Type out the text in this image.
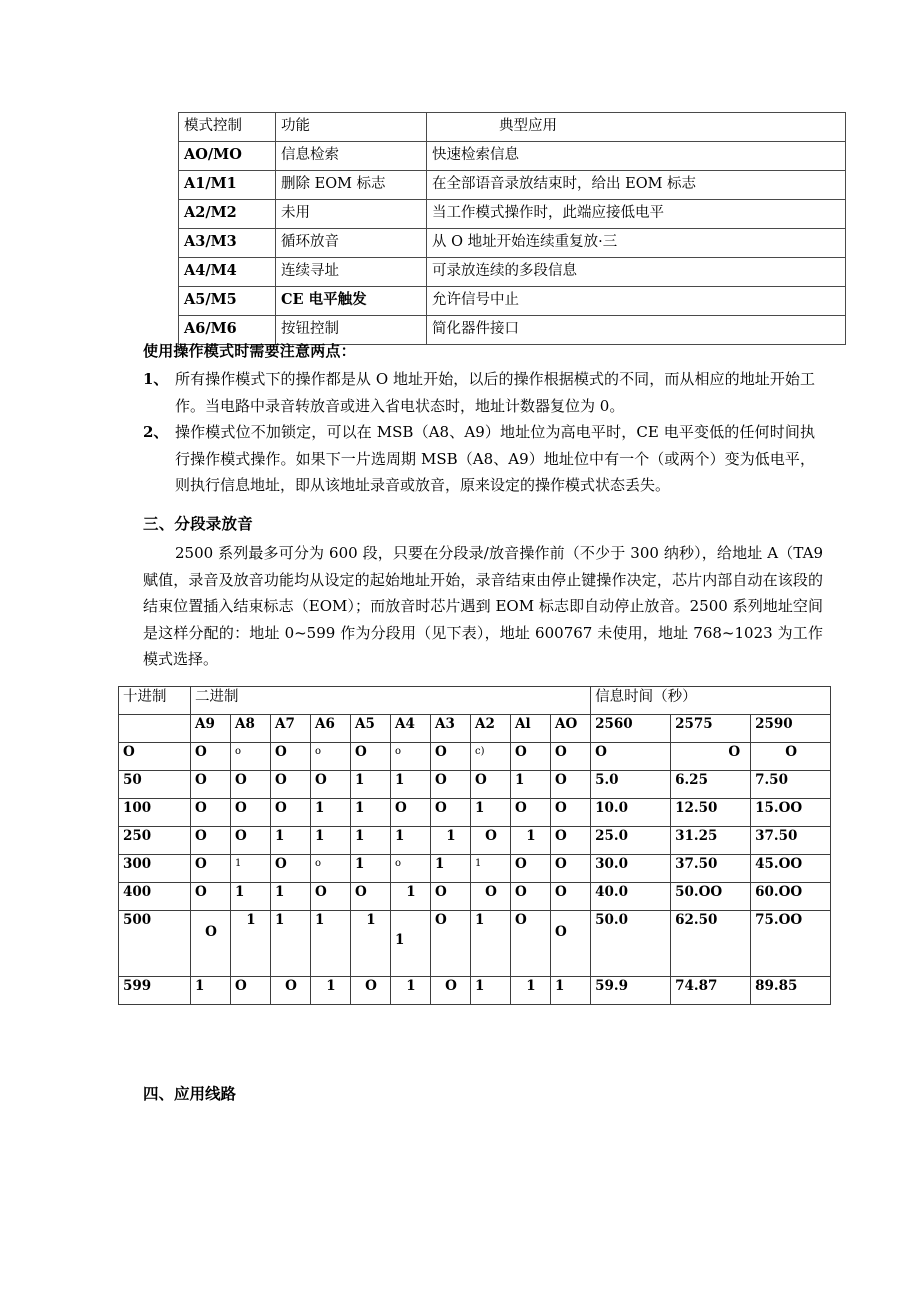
模式控制	功能	典型应用
AO/MO	信息检索	快速检索信息
A1/M1	删除 EOM 标志	在全部语音录放结束时，给出 EOM 标志
A2/M2	未用	当工作模式操作时，此端应接低电平
A3/M3	循环放音	从 O 地址开始连续重复放·三
A4/M4	连续寻址	可录放连续的多段信息
A5/M5	CE 电平触发	允许信号中止
A6/M6	按钮控制	简化器件接口
使用操作模式时需要注意两点：
1、 所有操作模式下的操作都是从 O 地址开始，以后的操作根据模式的不同，而从相应的地址开始工作。当电路中录音转放音或进入省电状态时，地址计数器复位为 0。
2、 操作模式位不加锁定，可以在 MSB（A8、A9）地址位为高电平时，CE 电平变低的任何时间执行操作模式操作。如果下一片选周期 MSB（A8、A9）地址位中有一个（或两个）变为低电平，则执行信息地址，即从该地址录音或放音，原来设定的操作模式状态丢失。
三、分段录放音
2500 系列最多可分为 600 段，只要在分段录/放音操作前（不少于 300 纳秒），给地址 A（TA9 赋值，录音及放音功能均从设定的起始地址开始，录音结束由停止键操作决定，芯片内部自动在该段的结束位置插入结束标志（EOM）；而放音时芯片遇到 EOM 标志即自动停止放音。2500 系列地址空间是这样分配的：地址 0~599 作为分段用（见下表），地址 600767 未使用，地址 768~1023 为工作模式选择。
十进制	二进制										信息时间（秒）		
	A9	A8	A7	A6	A5	A4	A3	A2	Al	AO	2560	2575	2590
O	O	o	O	o	O	o	O	c)	O	O	O	O	O
50	O	O	O	O	1	1	O	O	1	O	5.0	6.25	7.50
100	O	O	O	1	1	O	O	1	O	O	10.0	12.50	15.OO
250	O	O	1	1	1	1	1	O	1	O	25.0	31.25	37.50
300	O	1	O	o	1	o	1	1	O	O	30.0	37.50	45.OO
400	O	1	1	O	O	1	O	O	O	O	40.0	50.OO	60.OO
500	O	1	1	1	1	1	O	1	O	O	50.0	62.50	75.OO
599	1	O	O	1	O	1	O	1	1	1	59.9	74.87	89.85
四、应用线路
